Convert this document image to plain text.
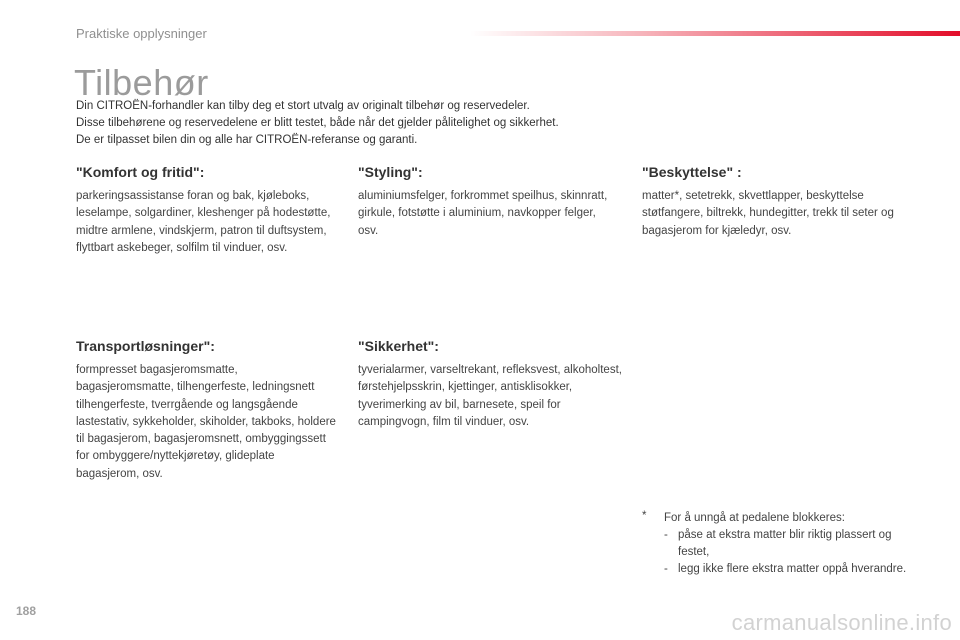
Praktiske opplysninger
Tilbehør
Din CITROËN-forhandler kan tilby deg et stort utvalg av originalt tilbehør og reservedeler.
Disse tilbehørene og reservedelene er blitt testet, både når det gjelder pålitelighet og sikkerhet.
De er tilpasset bilen din og alle har CITROËN-referanse og garanti.
"Komfort og fritid":

parkeringsassistanse foran og bak, kjøleboks, leselampe, solgardiner, kleshenger på hodestøtte, midtre armlene, vindskjerm, patron til duftsystem, flyttbart askebeger, solfilm til vinduer, osv.

"Styling":

aluminiumsfelger, forkrommet speilhus, skinnratt, girkule, fotstøtte i aluminium, navkopper felger, osv.

"Beskyttelse" :

matter*, setetrekk, skvettlapper, beskyttelse støtfangere, biltrekk, hundegitter, trekk til seter og bagasjerom for kjæledyr, osv.

Transportløsninger":

formpresset bagasjeromsmatte, bagasjeromsmatte, tilhengerfeste, ledningsnett tilhengerfeste, tverrgående og langsgående lastestativ, sykkeholder, skiholder, takboks, holdere til bagasjerom, bagasjeromsnett, ombyggingssett for ombyggere/nyttekjøretøy, glideplate bagasjerom, osv.

"Sikkerhet":

tyverialarmer, varseltrekant, refleksvest, alkoholtest, førstehjelpsskrin, kjettinger, antisklisokker, tyverimerking av bil, barnesete, speil for campingvogn, film til vinduer, osv.

* For å unngå at pedalene blokkeres:
- påse at ekstra matter blir riktig plassert og festet,
- legg ikke flere ekstra matter oppå hverandre.
188	carmanualsonline.info
